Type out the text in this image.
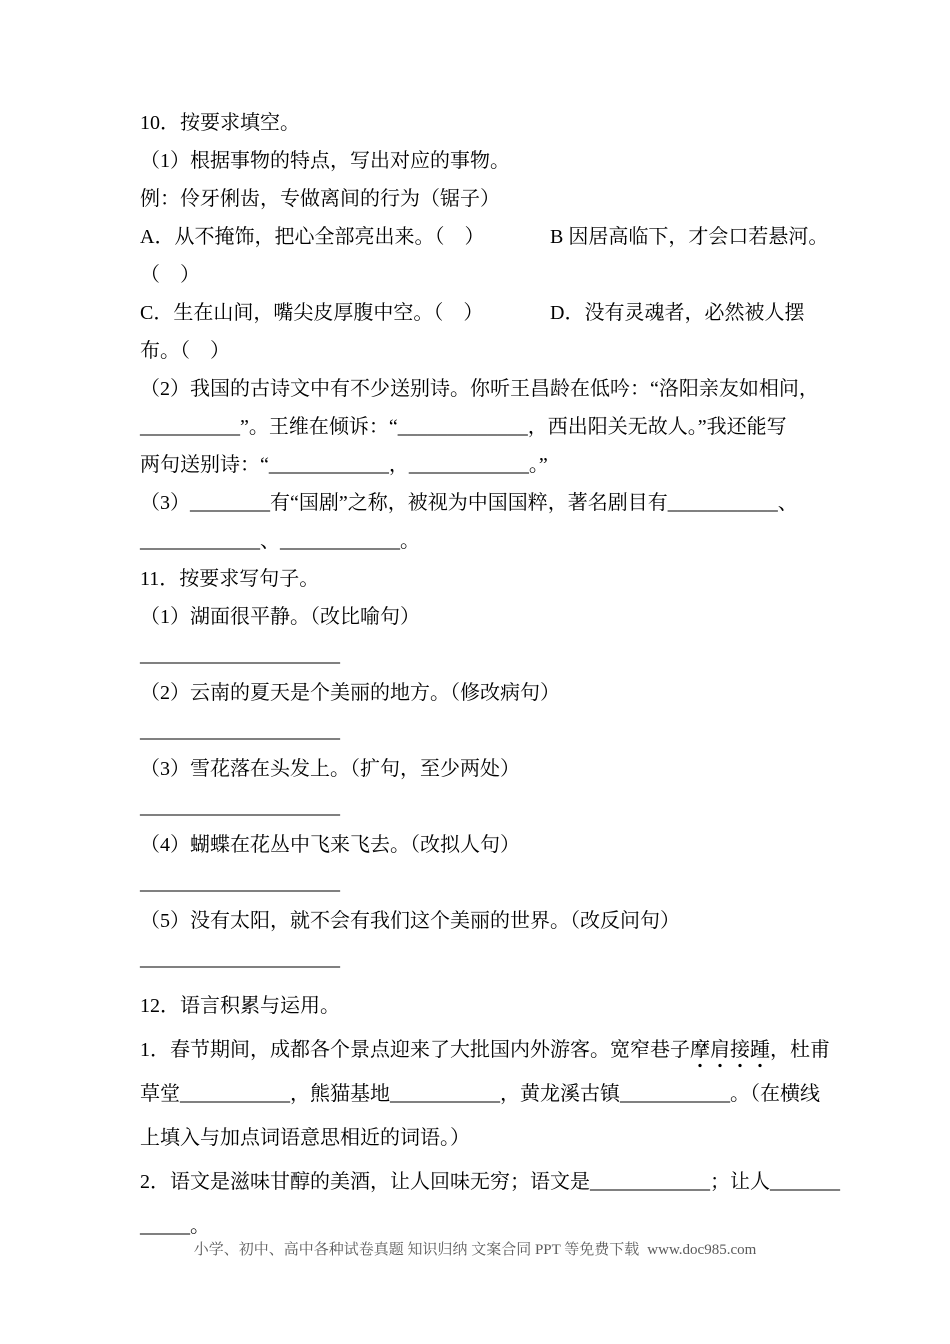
10．按要求填空。
（1）根据事物的特点，写出对应的事物。
例：伶牙俐齿，专做离间的行为（锯子）
A．从不掩饰，把心全部亮出来。（　）	B 因居高临下，才会口若悬河。
（　）
C．生在山间，嘴尖皮厚腹中空。（　）	D．没有灵魂者，必然被人摆
布。（　）
（2）我国的古诗文中有不少送别诗。你听王昌龄在低吟：“洛阳亲友如相问，
__________”。王维在倾诉：“_____________，西出阳关无故人。”我还能写
两句送别诗：“____________，____________。”
（3）________有“国剧”之称，被视为中国国粹，著名剧目有___________、
____________、____________。
11．按要求写句子。
（1）湖面很平静。（改比喻句）
____________________
（2）云南的夏天是个美丽的地方。（修改病句）
____________________
（3）雪花落在头发上。（扩句，至少两处）
____________________
（4）蝴蝶在花丛中飞来飞去。（改拟人句）
____________________
（5）没有太阳，就不会有我们这个美丽的世界。（改反问句）
____________________
12．语言积累与运用。
1．春节期间，成都各个景点迎来了大批国内外游客。宽窄巷子摩肩接踵，杜甫
草堂___________，熊猫基地___________，黄龙溪古镇___________。（在横线
上填入与加点词语意思相近的词语。）
2．语文是滋味甘醇的美酒，让人回味无穷；语文是____________；让人_______
_____。
小学、初中、高中各种试卷真题 知识归纳 文案合同 PPT 等免费下载 www.doc985.com
